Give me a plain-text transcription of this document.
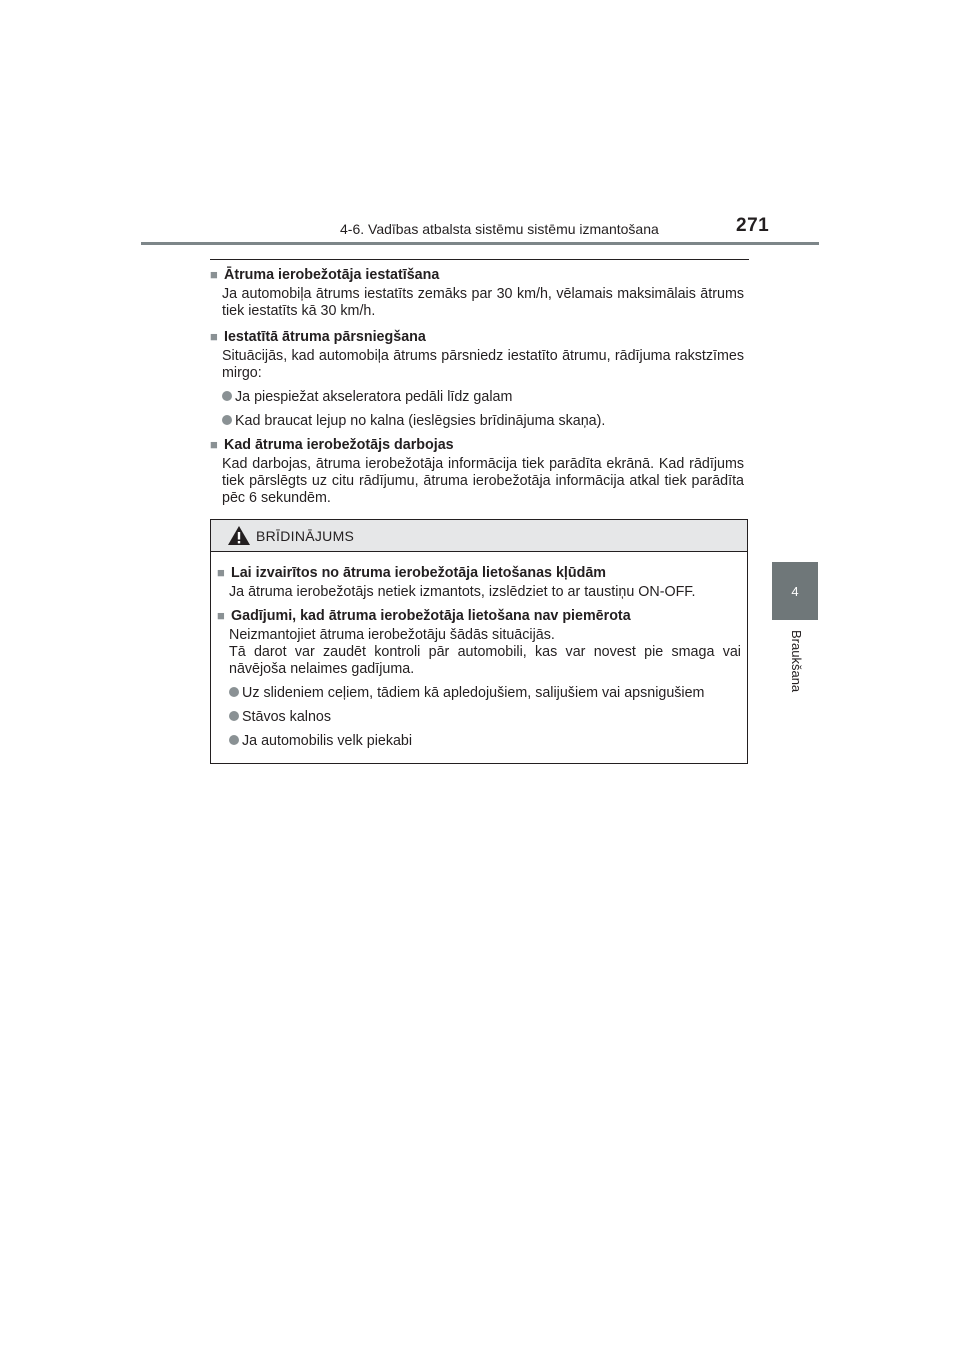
4-6. Vadības atbalsta sistēmu sistēmu izmantošana	271
4
Braukšana
■ Ātruma ierobežotāja iestatīšana
Ja automobiļa ātrums iestatīts zemāks par 30 km/h, vēlamais maksimālais ātrums tiek iestatīts kā 30 km/h.
■ Iestatītā ātruma pārsniegšana
Situācijās, kad automobiļa ātrums pārsniedz iestatīto ātrumu, rādījuma rakstzīmes mirgo:
Ja piespiežat akseleratora pedāli līdz galam
Kad braucat lejup no kalna (ieslēgsies brīdinājuma skaņa).
■ Kad ātruma ierobežotājs darbojas
Kad darbojas, ātruma ierobežotāja informācija tiek parādīta ekrānā. Kad rādījums tiek pārslēgts uz citu rādījumu, ātruma ierobežotāja informācija atkal tiek parādīta pēc 6 sekundēm.
BRĪDINĀJUMS
■ Lai izvairītos no ātruma ierobežotāja lietošanas kļūdām
Ja ātruma ierobežotājs netiek izmantots, izslēdziet to ar taustiņu ON-OFF.
■ Gadījumi, kad ātruma ierobežotāja lietošana nav piemērota
Neizmantojiet ātruma ierobežotāju šādās situācijās.
Tā darot var zaudēt kontroli pār automobili, kas var novest pie smaga vai nāvējoša nelaimes gadījuma.
Uz slideniem ceļiem, tādiem kā apledojušiem, salijušiem vai apsnigušiem
Stāvos kalnos
Ja automobilis velk piekabi
